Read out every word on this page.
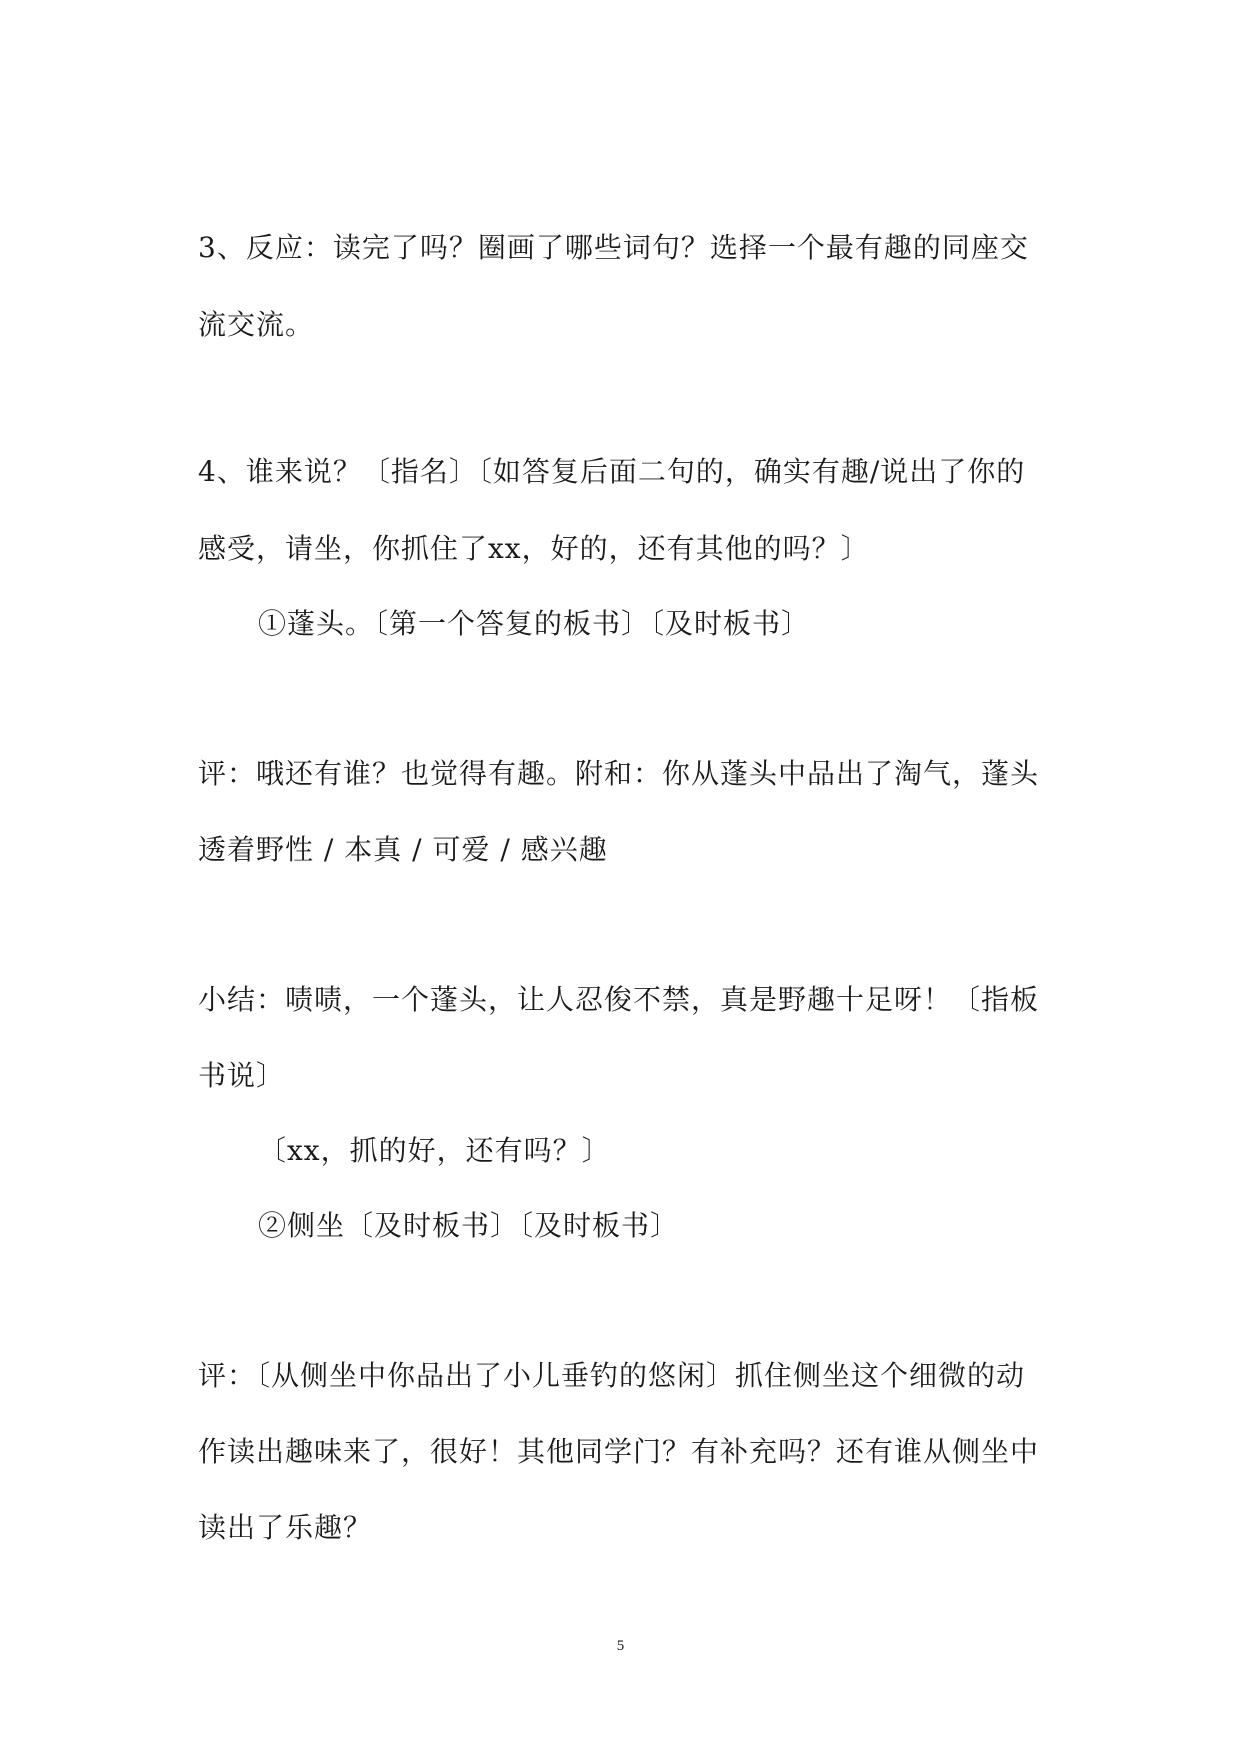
3、反应：读完了吗？圈画了哪些词句？选择一个最有趣的同座交
流交流。
4、谁来说？〔指名〕〔如答复后面二句的，确实有趣/说出了你的
感受，请坐，你抓住了xx，好的，还有其他的吗？〕
①蓬头。〔第一个答复的板书〕〔及时板书〕
评：哦还有谁？也觉得有趣。附和：你从蓬头中品出了淘气，蓬头
透着野性 / 本真 / 可爱 / 感兴趣
小结：啧啧，一个蓬头，让人忍俊不禁，真是野趣十足呀！〔指板
书说〕
〔xx，抓的好，还有吗？〕
②侧坐〔及时板书〕〔及时板书〕
评：〔从侧坐中你品出了小儿垂钓的悠闲〕抓住侧坐这个细微的动
作读出趣味来了，很好！其他同学门？有补充吗？还有谁从侧坐中
读出了乐趣？
5
